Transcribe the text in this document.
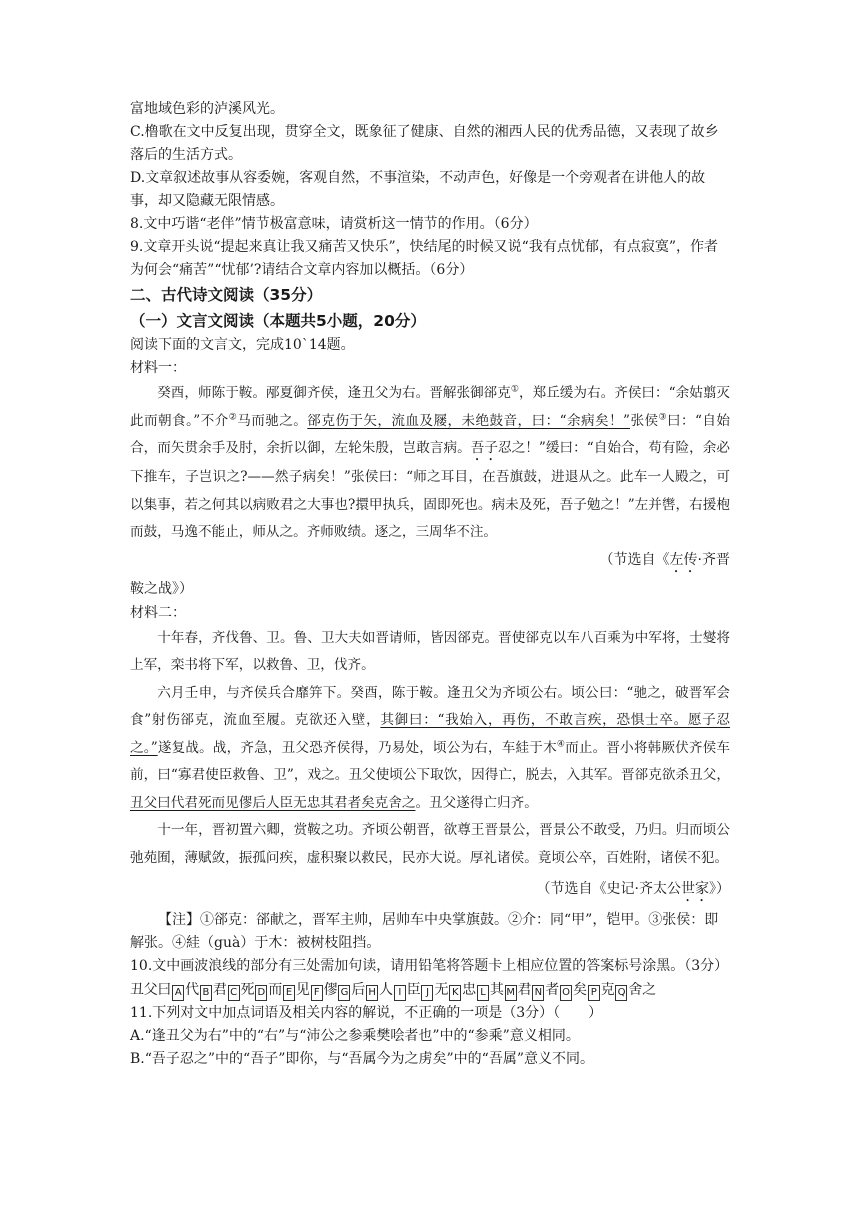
富地域色彩的泸溪风光。

C.橹歌在文中反复出现，贯穿全文，既象征了健康、自然的湘西人民的优秀品德，又表现了故乡落后的生活方式。

D.文章叙述故事从容委婉，客观自然，不事渲染，不动声色，好像是一个旁观者在讲他人的故事，却又隐藏无限情感。

8.文中巧谐“老伴”情节极富意味，请赏析这一情节的作用。（6分）

9.文章开头说“提起来真让我又痛苦又快乐”，快结尾的时候又说“我有点忧郁，有点寂寞”，作者为何会“痛苦”“忧郁’?请结合文章内容加以概括。（6分）

二、古代诗文阅读（35分）

（一）文言文阅读（本题共5小题，20分）

阅读下面的文言文，完成10`14题。

材料一：

癸酉，师陈于鞍。邴夏御齐侯，逢丑父为右。晋解张御郤克①，郑丘缓为右。齐侯曰：“余姑翦灭此而朝食。”不介②马而驰之。郤克伤于矢，流血及屦，未绝鼓音，曰：“余病矣！”张侯③曰：“自始合，而矢贯余手及肘，余折以御，左轮朱殷，岂敢言病。吾子忍之！”缓曰：“自始合，苟有险，余必下推车，子岂识之?——然子病矣！”张侯曰：“师之耳目，在吾旗鼓，进退从之。此车一人殿之，可以集事，若之何其以病败君之大事也?擐甲执兵，固即死也。病未及死，吾子勉之！”左并辔，右援枹而鼓，马逸不能止，师从之。齐师败绩。逐之，三周华不注。

（节选自《左传·齐晋

鞍之战》）

材料二：

十年春，齐伐鲁、卫。鲁、卫大夫如晋请师，皆因郤克。晋使郤克以车八百乘为中军将，士燮将上军，栾书将下军，以救鲁、卫，伐齐。

六月壬申，与齐侯兵合靡笄下。癸酉，陈于鞍。逢丑父为齐顷公右。顷公曰：“驰之，破晋军会食”射伤郤克，流血至履。克欲还入壁，其御曰：“我始入，再伤，不敢言疾，恐惧士卒。愿子忍之。”遂复战。战，齐急，丑父恐齐侯得，乃易处，顷公为右，车絓于木④而止。晋小将韩厥伏齐侯车前，曰“寡君使臣救鲁、卫”，戏之。丑父使顷公下取饮，因得亡，脱去，入其军。晋郤克欲杀丑父，丑父曰代君死而见僇后人臣无忠其君者矣克舍之。丑父遂得亡归齐。

十一年，晋初置六卿，赏鞍之功。齐顷公朝晋，欲尊王晋景公，晋景公不敢受，乃归。归而顷公弛苑囿，薄赋敛，振孤问疾，虚积聚以救民，民亦大说。厚礼诸侯。竟顷公卒，百姓附，诸侯不犯。

（节选自《史记·齐太公世家》）

【注】①郤克：郤献之，晋军主帅，居帅车中央掌旗鼓。②介：同“甲”，铠甲。③张侯：即解张。④絓（guà）于木：被树枝阻挡。

10.文中画波浪线的部分有三处需加句读，请用铅笔将答题卡上相应位置的答案标号涂黑。（3分）

丑父曰 A 代 B 君 C 死 D 而 E 见 F 僇 G 后 H 人 I 臣 J 无 K 忠 L 其 M 君 N 者 O 矣 P 克 Q 舍之

11.下列对文中加点词语及相关内容的解说，不正确的一项是（3分）（　　）

A.“逢丑父为右”中的“右”与“沛公之参乘樊哙者也”中的“参乘”意义相同。

B.“吾子忍之”中的“吾子”即你，与“吾属今为之虏矣”中的“吾属”意义不同。
